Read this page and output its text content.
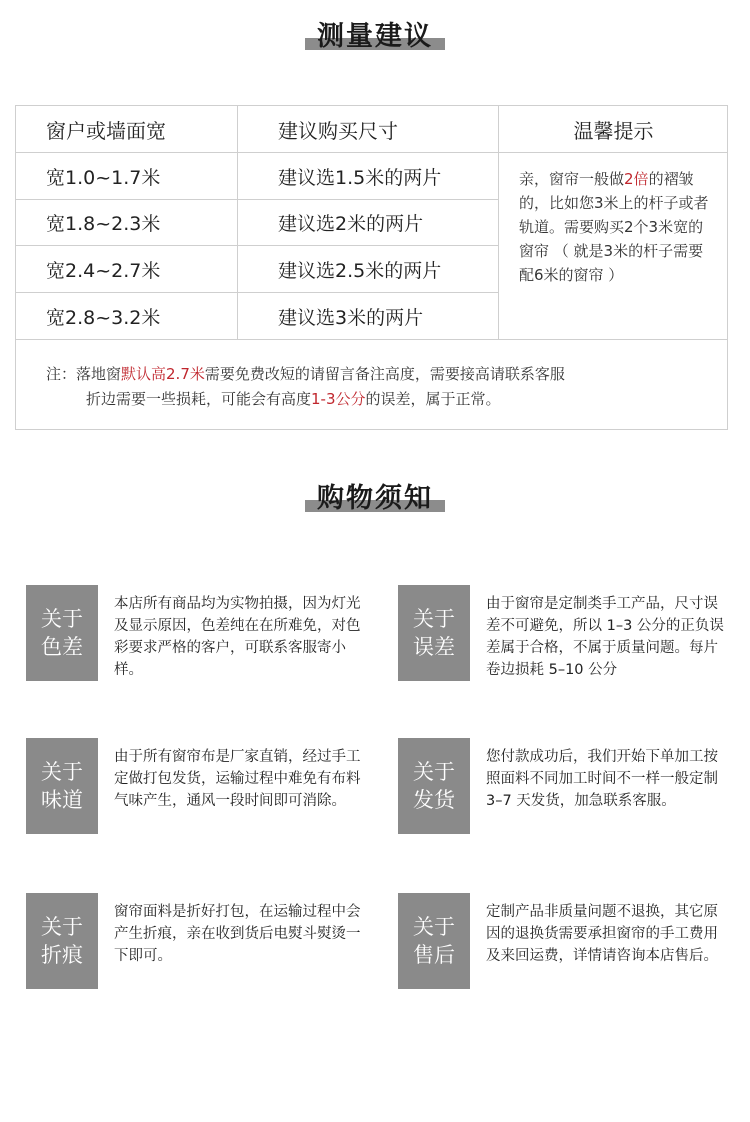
测量建议
窗户或墙面宽	建议购买尺寸	温馨提示
宽1.0~1.7米	建议选1.5米的两片
宽1.8~2.3米	建议选2米的两片
宽2.4~2.7米	建议选2.5米的两片
宽2.8~3.2米	建议选3米的两片
亲，窗帘一般做2倍的褶皱的，比如您3米上的杆子或者轨道。需要购买2个3米宽的窗帘 （ 就是3米的杆子需要配6米的窗帘 ）
注：落地窗默认高2.7米需要免费改短的请留言备注高度，需要接高请联系客服
折边需要一些损耗，可能会有高度1-3公分的误差，属于正常。
购物须知
关于
色差
本店所有商品均为实物拍摄，因为灯光及显示原因，色差纯在在所难免，对色彩要求严格的客户，可联系客服寄小样。
关于
误差
由于窗帘是定制类手工产品，尺寸误差不可避免，所以 1–3 公分的正负误差属于合格，不属于质量问题。每片卷边损耗 5–10 公分
关于
味道
由于所有窗帘布是厂家直销，经过手工定做打包发货，运输过程中难免有布料气味产生，通风一段时间即可消除。
关于
发货
您付款成功后，我们开始下单加工按照面料不同加工时间不一样一般定制 3–7 天发货，加急联系客服。
关于
折痕
窗帘面料是折好打包，在运输过程中会产生折痕，亲在收到货后电熨斗熨烫一下即可。
关于
售后
定制产品非质量问题不退换，其它原因的退换货需要承担窗帘的手工费用及来回运费，详情请咨询本店售后。
